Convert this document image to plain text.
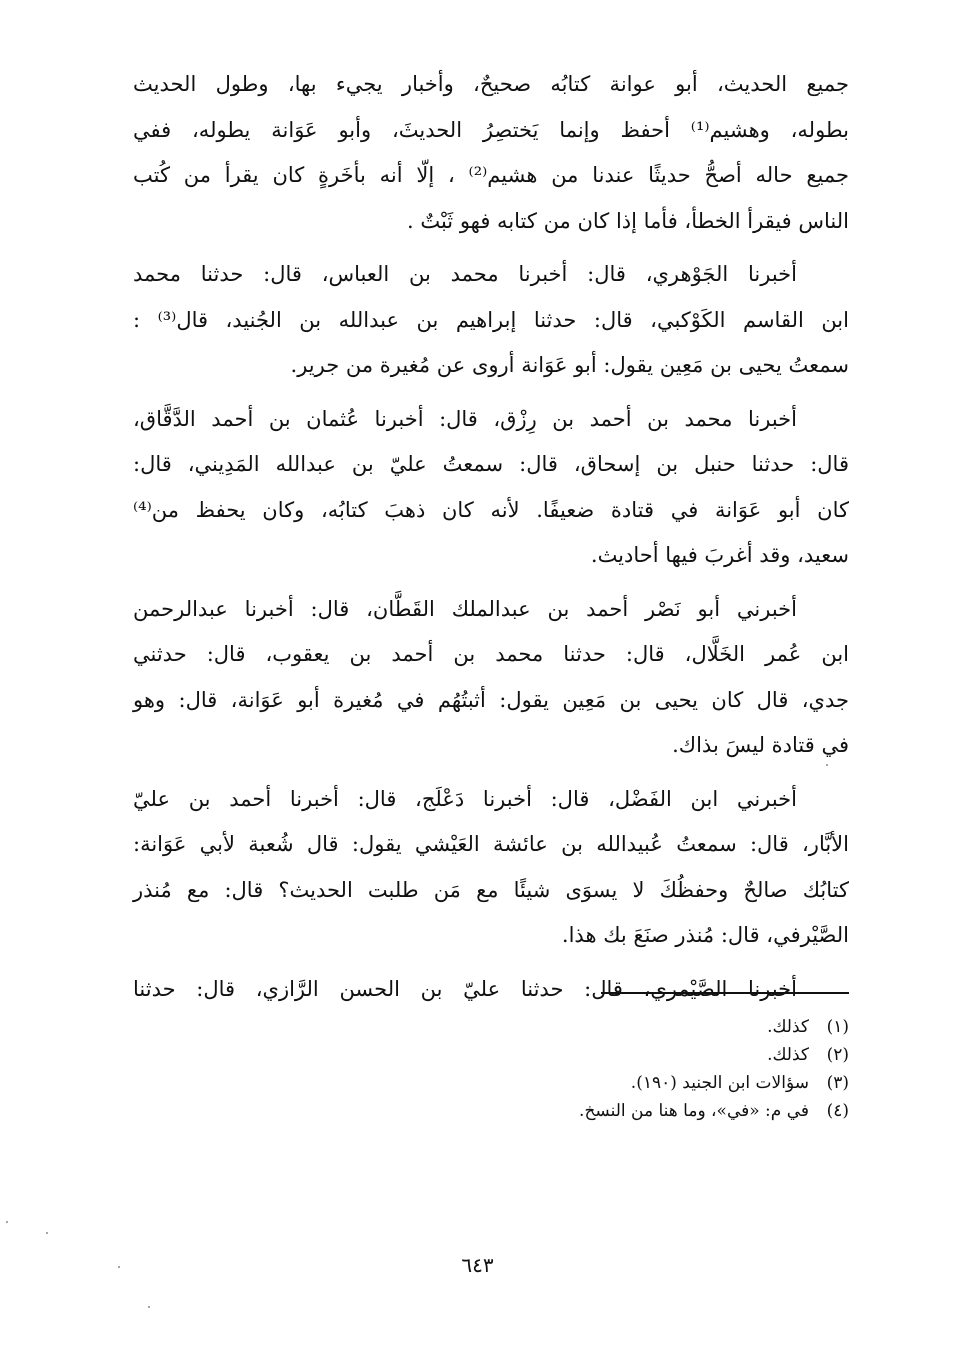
جميع الحديث، أبو عوانة كتابُه صحيحٌ، وأخبار يجيء بها، وطول الحديث
بطوله، وهشيم⁽¹⁾ أحفظ وإنما يَختصِرُ الحديثَ، وأبو عَوَانة يطوله، ففي
جميع حاله أصحُّ حديثًا عندنا من هشيم⁽²⁾ ، إلّا أنه بأخَرةٍ كان يقرأ من كُتب
الناس فيقرأ الخطأ، فأما إذا كان من كتابه فهو ثَبْتٌ .
أخبرنا الجَوْهري، قال: أخبرنا محمد بن العباس، قال: حدثنا محمد
ابن القاسم الكَوْكبي، قال: حدثنا إبراهيم بن عبدالله بن الجُنيد، قال⁽³⁾ :
سمعتُ يحيى بن مَعِين يقول: أبو عَوَانة أروى عن مُغيرة من جرير.
أخبرنا محمد بن أحمد بن رِزْق، قال: أخبرنا عُثمان بن أحمد الدَّقَّاق،
قال: حدثنا حنبل بن إسحاق، قال: سمعتُ عليّ بن عبدالله المَدِيني، قال:
كان أبو عَوَانة في قتادة ضعيفًا. لأنه كان ذهبَ كتابُه، وكان يحفظ من⁽⁴⁾
سعيد، وقد أغربَ فيها أحاديث.
أخبرني أبو نَصْر أحمد بن عبدالملك القَطَّان، قال: أخبرنا عبدالرحمن
ابن عُمر الخَلَّال، قال: حدثنا محمد بن أحمد بن يعقوب، قال: حدثني
جدي، قال كان يحيى بن مَعِين يقول: أثبتُهُم في مُغيرة أبو عَوَانة، قال: وهو
في قتادة ليسَ بذاك.
أخبرني ابن الفَضْل، قال: أخبرنا دَعْلَج، قال: أخبرنا أحمد بن عليّ
الأبَّار، قال: سمعتُ عُبيدالله بن عائشة العَيْشي يقول: قال شُعبة لأبي عَوَانة:
كتابُك صالحٌ وحفظُكَ لا يسوَى شيئًا مع مَن طلبت الحديث؟ قال: مع مُنذر
الصَّيْرفي، قال: مُنذر صنَعَ بك هذا.
أخبرنا الصَّيْمري، قال: حدثنا عليّ بن الحسن الرَّازي، قال: حدثنا
(١)كذلك.
(٢)كذلك.
(٣)سؤالات ابن الجنيد (١٩٠).
(٤)في م: «في»، وما هنا من النسخ.
٦٤٣
